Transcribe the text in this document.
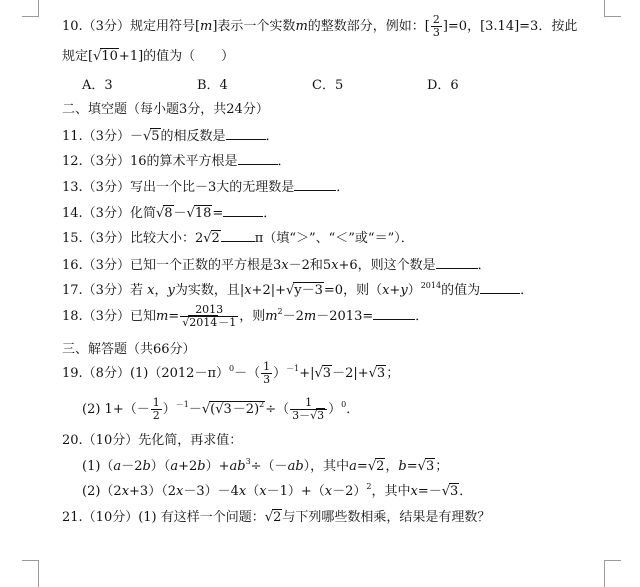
10.（3分）规定用符号[m]表示一个实数m的整数部分，例如：[ $\frac{2}{3} ]=0$，[3.14]=3．按此
规定[√10+1]的值为（　　）
A．3	B．4	C．5	D．6
二、填空题（每小题3分，共24分）
11.（3分）－√5的相反数是	．
12.（3分）16的算术平方根是	．
13.（3分）写出一个比－3大的无理数是	．
14.（3分）化简√8－√18=	．
15.（3分）比较大小：2√2	π（填“＞”、“＜”或“＝”）．
16.（3分）已知一个正数的平方根是3x－2和5x+6，则这个数是	．
17.（3分）若 x，y为实数，且|x+2|+√y－3=0，则$(x+y)^{2014}$的值为	．
18.（3分）已知$m= \frac{2013}{√2014-1}$ ，则$m^2-2m-2013=$	．
三、解答题（共66分）
19.（8分）$(1)(2012-\pi)^0-( \frac{1}{3} )^{-1}+|√3-2|+√3$；
(2) $1+(- \frac{1}{2} )^{-1}-√(√3-2)^2\div( \frac{1}{3-√3} )^0$．
20.（10分）先化简，再求值：
$(1)(a-2b)(a+2b)+ab^3\div(-ab)$，其中a=√2，b=√3；
$(2)(2x+3)(2x-3)-4x(x-1)+(x-2)^2$，其中x=－√3．
21.（10分）(1) 有这样一个问题：√2与下列哪些数相乘，结果是有理数？
